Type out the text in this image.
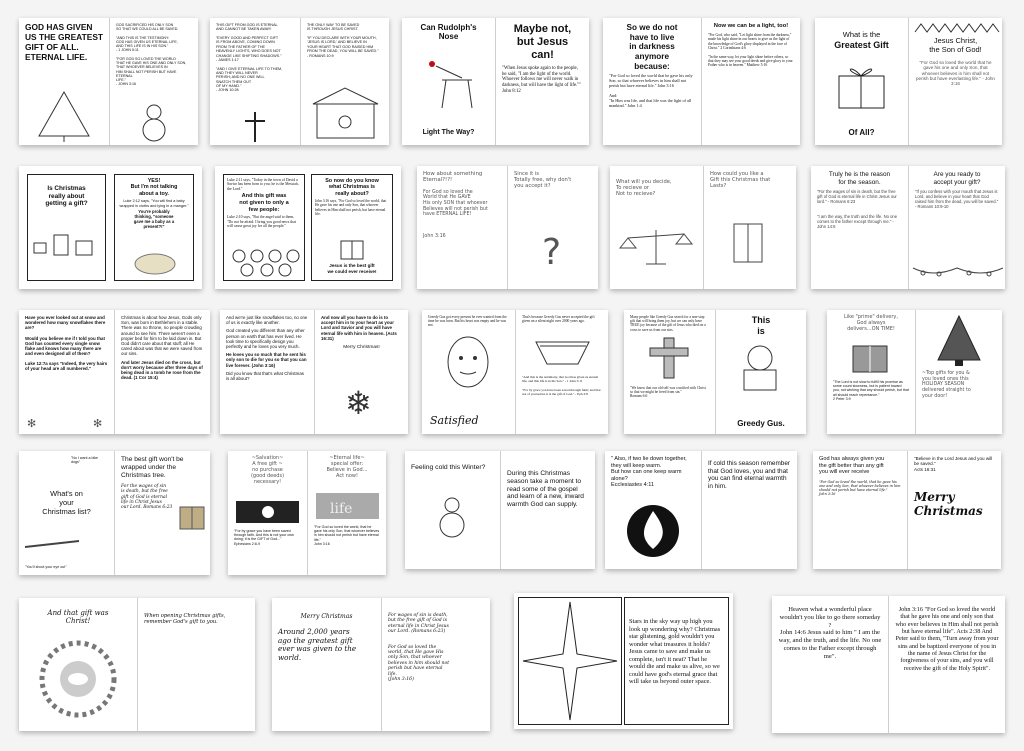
GOD HAS GIVEN
US THE GREATEST
GIFT OF ALL.
ETERNAL LIFE.

GOD SACRIFICED HIS ONLY SON
SO THAT WE COULD ALL BE SAVED.

"AND THIS IS THE TESTIMONY:
GOD HAS GIVEN US ETERNAL LIFE,
AND THIS LIFE IS IN HIS SON."
- 1 JOHN 5:11

"FOR GOD SO LOVED THE WORLD
THAT HE GAVE HIS ONE AND ONLY SON,
THAT WHOEVER BELIEVES IN
HIM SHALL NOT PERISH BUT HAVE ETERNAL
LIFE."
- JOHN 3:16

THIS GIFT FROM GOD IS ETERNAL
AND CANNOT BE TAKEN AWAY!

"EVERY GOOD AND PERFECT GIFT
IS FROM ABOVE, COMING DOWN
FROM THE FATHER OF THE
HEAVENLY LIGHTS, WHO DOES NOT
CHANGE LIKE SHIFTING SHADOWS."
- JAMES 1:17

"AND I GIVE ETERNAL LIFE TO THEM,
AND THEY WILL NEVER
PERISH; AND NO ONE WILL
SNATCH THEM OUT
OF MY HAND."
- JOHN 10:28

THE ONLY WAY TO BE SAVED
IS THROUGH JESUS CHRIST.

"IF YOU DECLARE WITH YOUR MOUTH,
'JESUS IS LORD,' AND BELIEVE IN
YOUR HEART THAT GOD RAISED HIM
FROM THE DEAD, YOU WILL BE SAVED."
- ROMANS 10:9

Can Rudolph's
Nose

Light The Way?

Maybe not,
but Jesus
can!

"When Jesus spoke again to the people, he said, "I am the light of the world. Whoever follows me will never walk in darkness, but will have the light of life.""
John 8:12

So we do not
have to live
in darkness
anymore
because:

"For God so loved the world that he gave his only Son, so that whoever believes in him shall not perish but have eternal life." John 3:16

And:
"In Him was life, and that life was the light of all mankind." John 1:4

Now we can be a light, too!

"For God, who said, "Let light shine from the darkness," made his light shine in our hearts to give us the light of the knowledge of God's glory displayed in the face of Christ." 2 Corinthians 4:6

"In the same way, let your light shine before others, so that they may see your good deeds and give glory to your Father who is in heaven." Matthew 5:16

What is the

Greatest Gift

Of All?

Jesus Christ,
the Son of God!

"For God so loved the world that he gave his one and only Son, that whoever believes in him shall not perish but have everlasting life." - John 3:16

Is Christmas
really about
getting a gift?

YES!
But I'm not talking
about a toy.

Luke 2:12 says, "You will find a baby wrapped in cloths and lying in a manger."

You're probably
thinking, "someone
gave me a baby as a
present?!"

Luke 2:11 says, "Today in the town of David a Savior has been born to you; he is the Messiah, the Lord."

And this gift was
not given to only a
few people:

Luke 2:10 says, "But the angel said to them, "Do not be afraid. I bring you good news that will cause great joy for all the people."

So now do you know
what Christmas is
really about?

John 3:16 says, "For God so loved the world, that He gave his one and only Son, that whoever believes in Him shall not perish, but have eternal life.

Jesus is the best gift
we could ever receive!

How about something
Eternal?!?!

For God so loved the
World that He GAVE
His only SON that whoever
Believes will not perish but
have ETERNAL LIFE!

John 3:16

Since it is
Totally free, why don't
you accept it?

?

What will you decide,
To recieve or
Not to recieve?

How could you like a
Gift this Christmas that
Lasts?

Truly he is the reason
for the season.

"For the wages of sin is death, but the free gift of God is eternal life in Christ Jesus our lord." - Romans 6:23

"I am the way, the truth and the life. No one comes to the father except through me." - John 14:6

Are you ready to
accept your gift?

"If you confess with your mouth that Jesus is Lord, and believe in your heart that God raised him from the dead, you will be saved." - Romans 10:9-10

Have you ever looked out at snow and wondered how many snowflakes there are?

Would you believe me if I told you that God has counted every single snow flake and knows how many there are and even designed all of them?

Luke 12:7a says "Indeed, the very hairs of your head are all numbered."

✻	✻

Christmas is about how Jesus, Gods only Son, was born in Bethlehem in a stable. There was no throne, no people crowding around to see him. There weren't even a proper bed for him to be laid down in. But God didn't care about that stuff; all He cared about was that we were saved from our sins.

And later Jesus died on the cross, but don't worry because after three days of being dead in a tomb he rose from the dead. (1 Cor 15:4)

And we're just like snowflakes too, no one of us is exactly like another.

God created you different than any other person on earth that has ever lived. He took time to specifically design you perfectly and he loves you very much.

He loves you so much that he sent his only son to die for you so that you can live forever. (John 3:16)

Did you know that that's what Christmas is all about?

And now all you have to do is to accept him in to your heart as your Lord and Savior and you will have eternal life with him in heaven. (Acts 16:31)

Merry Christmas!

❄

Greedy Gus got every present he ever wanted from the time he was born. But his heart was empty and he was not.

Satisfied

That's because Greedy Gus never accepted the gift given on a silent night over 2000 years ago.

"And this is the testimony, that God has given us eternal life, and this life is in his Son." - 1 John 5:11

"For by grace you have been saved through faith; and that not of yourselves it is the gift of God." - Eph 2:8

Many people like Greedy Gus search for a non-stop gift that will bring them joy, but we can only have TRUE joy because of the gift of Jesus who died on a cross to save us from our sins.

"We know that our old self was crucified with Christ so that we might be freed from sin."
Romans 6:6

This
is

Greedy Gus.

Like "prime" delivery,
God always
delivers...ON TIME!

"The Lord is not slow to fulfill his promise as some count slowness, but is patient toward you, not wishing that any should perish, but that all should reach repentance."
2 Peter 3:9

~Top gifts for you &
you loved ones this
HOLIDAY SEASON
delivered straight to
your door!

"No I want a bike dogs"

What's on
your
Christmas list?

"You'll shoot your eye out"

The best gift won't be
wrapped under the
Christmas tree.

For the wages of sin
is death, but the free
gift of God is eternal
life in Christ Jesus
our Lord. Romans 6:23

~Salvation~
A free gift ~
no purchase
(good deeds)
necessary!

"For by grace you have been saved through faith. And this is not your own doing; it is the GIFT of God..."
Ephesians 2:8-9

~Eternal life~
special offer:
Believe in God...
Act now!

life

"For God so loved the world, that he gave his only Son, that whoever believes in him should not perish but have eternal life."
John 3:16

Feeling cold this Winter?

During this Christmas season take a moment to read some of the gospel and learn of a new, inward warmth God can supply.

" Also, if two lie down together, they will keep warm.
But how can one keep warm alone?
Ecclesiastes 4:11

If cold this season remember that God loves, you and that you can find eternal warmth in him.

God has always given you
the gift better than any gift
you will ever receive

"For God so loved the world, that he gave his one and only Son, that whoever believes in him should not perish but have eternal life."
John 3:16

"Believe in the Lord Jesus and you will be saved."
Acts 16:31

Merry
Christmas

And that gift was
Christ!

When opening Christmas gifts,
remember God's gift to you.

Merry Christmas

Around 2,000 years
ago the greatest gift
ever was given to the
world.

For wages of sin is death,
but the free gift of God is
eternal life in Christ Jesus
our Lord. (Romans 6:23)

For God so loved the
world, that He gave His
only Son, that whoever
believes in him should not
perish but have eternal
life.
(John 3:16)

Stars in the sky way up high you look up wondering why? Christmas star glistening, gold wouldn't you wonder what treasures it holds? Jesus came to save and make us complete, isn't it neat? That he would die and make us alive, so we could have god's eternal grace that will take us beyond outer space.

Heaven what a wonderful place wouldn't you like to go there someday ?
John 14:6 Jesus said to him " I am the way, and the truth, and the life. No one comes to the Father except through me".

John 3:16 "For God so loved the world that he gave his one and only son that who ever believes in Him shall not perish but have eternal life". Acts 2:38 And Peter said to them, "Turn away from your sins and be baptized everyone of you in the name of Jesus Christ for the forgiveness of your sins, and you will receive the gift of the Holy Spirit".
